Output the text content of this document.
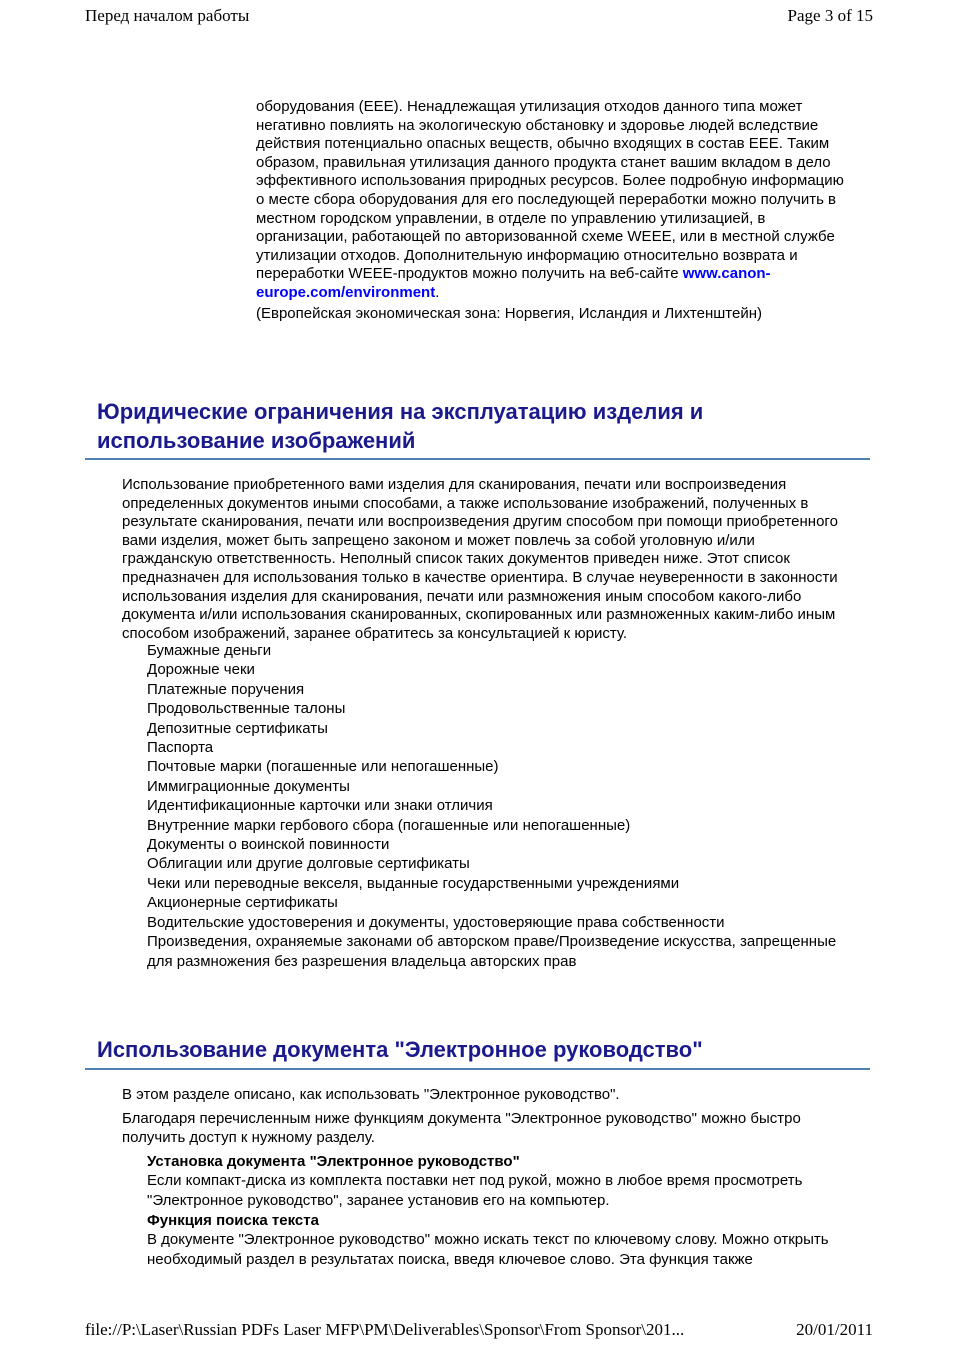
Перед началом работы	Page 3 of 15
оборудования (EEE). Ненадлежащая утилизация отходов данного типа может негативно повлиять на экологическую обстановку и здоровье людей вследствие действия потенциально опасных веществ, обычно входящих в состав EEE. Таким образом, правильная утилизация данного продукта станет вашим вкладом в дело эффективного использования природных ресурсов. Более подробную информацию о месте сбора оборудования для его последующей переработки можно получить в местном городском управлении, в отделе по управлению утилизацией, в организации, работающей по авторизованной схеме WEEE, или в местной службе утилизации отходов. Дополнительную информацию относительно возврата и переработки WEEE-продуктов можно получить на веб-сайте www.canon-europe.com/environment.
(Европейская экономическая зона: Норвегия, Исландия и Лихтенштейн)
Юридические ограничения на эксплуатацию изделия и использование изображений
Использование приобретенного вами изделия для сканирования, печати или воспроизведения определенных документов иными способами, а также использование изображений, полученных в результате сканирования, печати или воспроизведения другим способом при помощи приобретенного вами изделия, может быть запрещено законом и может повлечь за собой уголовную и/или гражданскую ответственность. Неполный список таких документов приведен ниже. Этот список предназначен для использования только в качестве ориентира. В случае неуверенности в законности использования изделия для сканирования, печати или размножения иным способом какого-либо документа и/или использования сканированных, скопированных или размноженных каким-либо иным способом изображений, заранее обратитесь за консультацией к юристу.
Бумажные деньги
Дорожные чеки
Платежные поручения
Продовольственные талоны
Депозитные сертификаты
Паспорта
Почтовые марки (погашенные или непогашенные)
Иммиграционные документы
Идентификационные карточки или знаки отличия
Внутренние марки гербового сбора (погашенные или непогашенные)
Документы о воинской повинности
Облигации или другие долговые сертификаты
Чеки или переводные векселя, выданные государственными учреждениями
Акционерные сертификаты
Водительские удостоверения и документы, удостоверяющие права собственности
Произведения, охраняемые законами об авторском праве/Произведение искусства, запрещенные для размножения без разрешения владельца авторских прав
Использование документа "Электронное руководство"
В этом разделе описано, как использовать "Электронное руководство".
Благодаря перечисленным ниже функциям документа "Электронное руководство" можно быстро получить доступ к нужному разделу.
Установка документа "Электронное руководство"
Если компакт-диска из комплекта поставки нет под рукой, можно в любое время просмотреть "Электронное руководство", заранее установив его на компьютер.
Функция поиска текста
В документе "Электронное руководство" можно искать текст по ключевому слову. Можно открыть необходимый раздел в результатах поиска, введя ключевое слово. Эта функция также
file://P:\Laser\Russian PDFs Laser MFP\PM\Deliverables\Sponsor\From Sponsor\201...	20/01/2011
